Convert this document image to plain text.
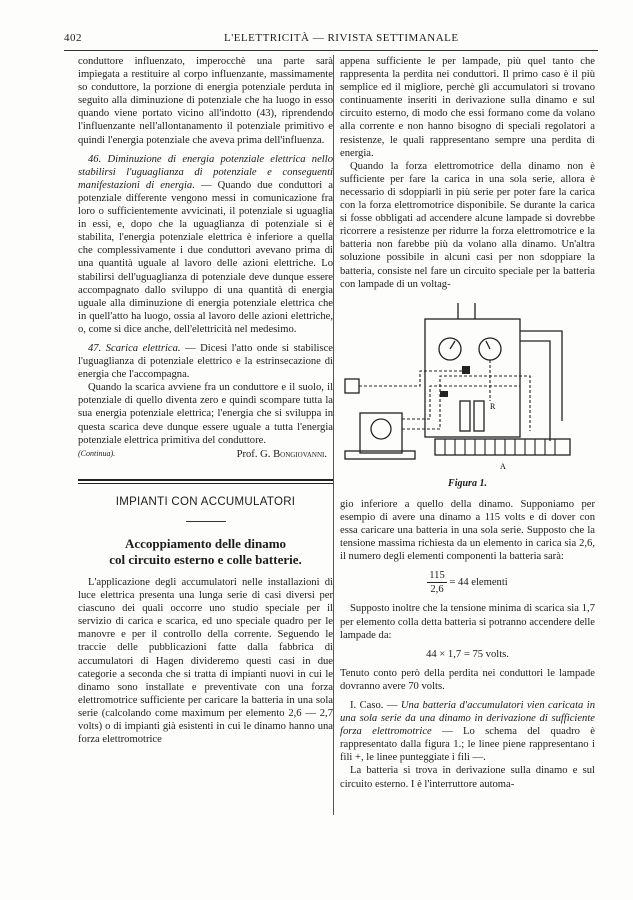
402	L'ELETTRICITÀ — RIVISTA SETTIMANALE

conduttore influenzato, imperocchè una parte sarà impiegata a restituire al corpo influenzante, massimamente so conduttore, la porzione di energia potenziale perduta in seguito alla diminuzione di potenziale che ha luogo in esso quando viene portato vicino all'indotto (43), riprendendo l'influenzante nell'allontanamento il potenziale primitivo e quindi l'energia potenziale che aveva prima dell'influenza.

46. Diminuzione di energia potenziale elettrica nello stabilirsi l'uguaglianza di potenziale e conseguenti manifestazioni di energia. — Quando due conduttori a potenziale differente vengono messi in comunicazione fra loro o sufficientemente avvicinati, il potenziale si uguaglia in essi, e, dopo che la uguaglianza di potenziale si è stabilita, l'energia potenziale elettrica è inferiore a quella che complessivamente i due conduttori avevano prima di una quantità uguale al lavoro delle azioni elettriche. Lo stabilirsi dell'uguaglianza di potenziale deve dunque essere accompagnato dallo sviluppo di una quantità di energia uguale alla diminuzione di energia potenziale elettrica che in quell'atto ha luogo, ossia al lavoro delle azioni elettriche, o, come si dice anche, dell'elettricità nel medesimo.

47. Scarica elettrica. — Dicesi l'atto onde si stabilisce l'uguaglianza di potenziale elettrico e la estrinsecazione di energia che l'accompagna.

Quando la scarica avviene fra un conduttore e il suolo, il potenziale di quello diventa zero e quindi scompare tutta la sua energia potenziale elettrica; l'energia che si sviluppa in questa scarica deve dunque essere uguale a tutta l'energia potenziale elettrica primitiva del conduttore.

(Continua).	Prof. G. Bongiovanni.

IMPIANTI CON ACCUMULATORI

Accoppiamento delle dinamo
col circuito esterno e colle batterie.

L'applicazione degli accumulatori nelle installazioni di luce elettrica presenta una lunga serie di casi diversi per ciascuno dei quali occorre uno studio speciale per il servizio di carica e scarica, ed uno speciale quadro per le manovre e per il controllo della corrente. Seguendo le traccie delle pubblicazioni fatte dalla fabbrica di accumulatori di Hagen divideremo questi casi in due categorie a seconda che si tratta di impianti nuovi in cui le dinamo sono installate e preventivate con una forza elettromotrice sufficiente per caricare la batteria in una sola serie (calcolando come maximum per elemento 2,6 — 2,7 volts) o di impianti già esistenti in cui le dinamo hanno una forza elettromotrice

appena sufficiente le per lampade, più quel tanto che rappresenta la perdita nei conduttori. Il primo caso è il più semplice ed il migliore, perchè gli accumulatori si trovano continuamente inseriti in derivazione sulla dinamo e sul circuito esterno, di modo che essi formano come da volano alla corrente e non hanno bisogno di speciali regolatori a resistenze, le quali rappresentano sempre una perdita di energia.

Quando la forza elettromotrice della dinamo non è sufficiente per fare la carica in una sola serie, allora è necessario di sdoppiarli in più serie per poter fare la carica con la forza elettromotrice disponibile. Se durante la carica si fosse obbligati ad accendere alcune lampade si dovrebbe ricorrere a resistenze per ridurre la forza elettromotrice e la batteria non farebbe più da volano alla dinamo. Un'altra soluzione possibile in alcuni casi per non sdoppiare la batteria, consiste nel fare un circuito speciale per la batteria con lampade di un voltag-

R
A

Figura 1.

gio inferiore a quello della dinamo. Supponiamo per esempio di avere una dinamo a 115 volts e di dover con essa caricare una batteria in una sola serie. Supposto che la tensione massima richiesta da un elemento in carica sia 2,6, il numero degli elementi componenti la batteria sarà:

$\frac{115}{2,6} = 44$ elementi

Supposto inoltre che la tensione minima di scarica sia 1,7 per elemento colla detta batteria si potranno accendere delle lampade da:

44 × 1,7 = 75 volts.

Tenuto conto però della perdita nei conduttori le lampade dovranno avere 70 volts.

I. Caso. — Una batteria d'accumulatori vien caricata in una sola serie da una dinamo in derivazione di sufficiente forza elettromotrice — Lo schema del quadro è rappresentato dalla figura 1.; le linee piene rappresentano i fili +, le linee punteggiate i fili —.

La batteria si trova in derivazione sulla dinamo e sul circuito esterno. I è l'interruttore automa-
